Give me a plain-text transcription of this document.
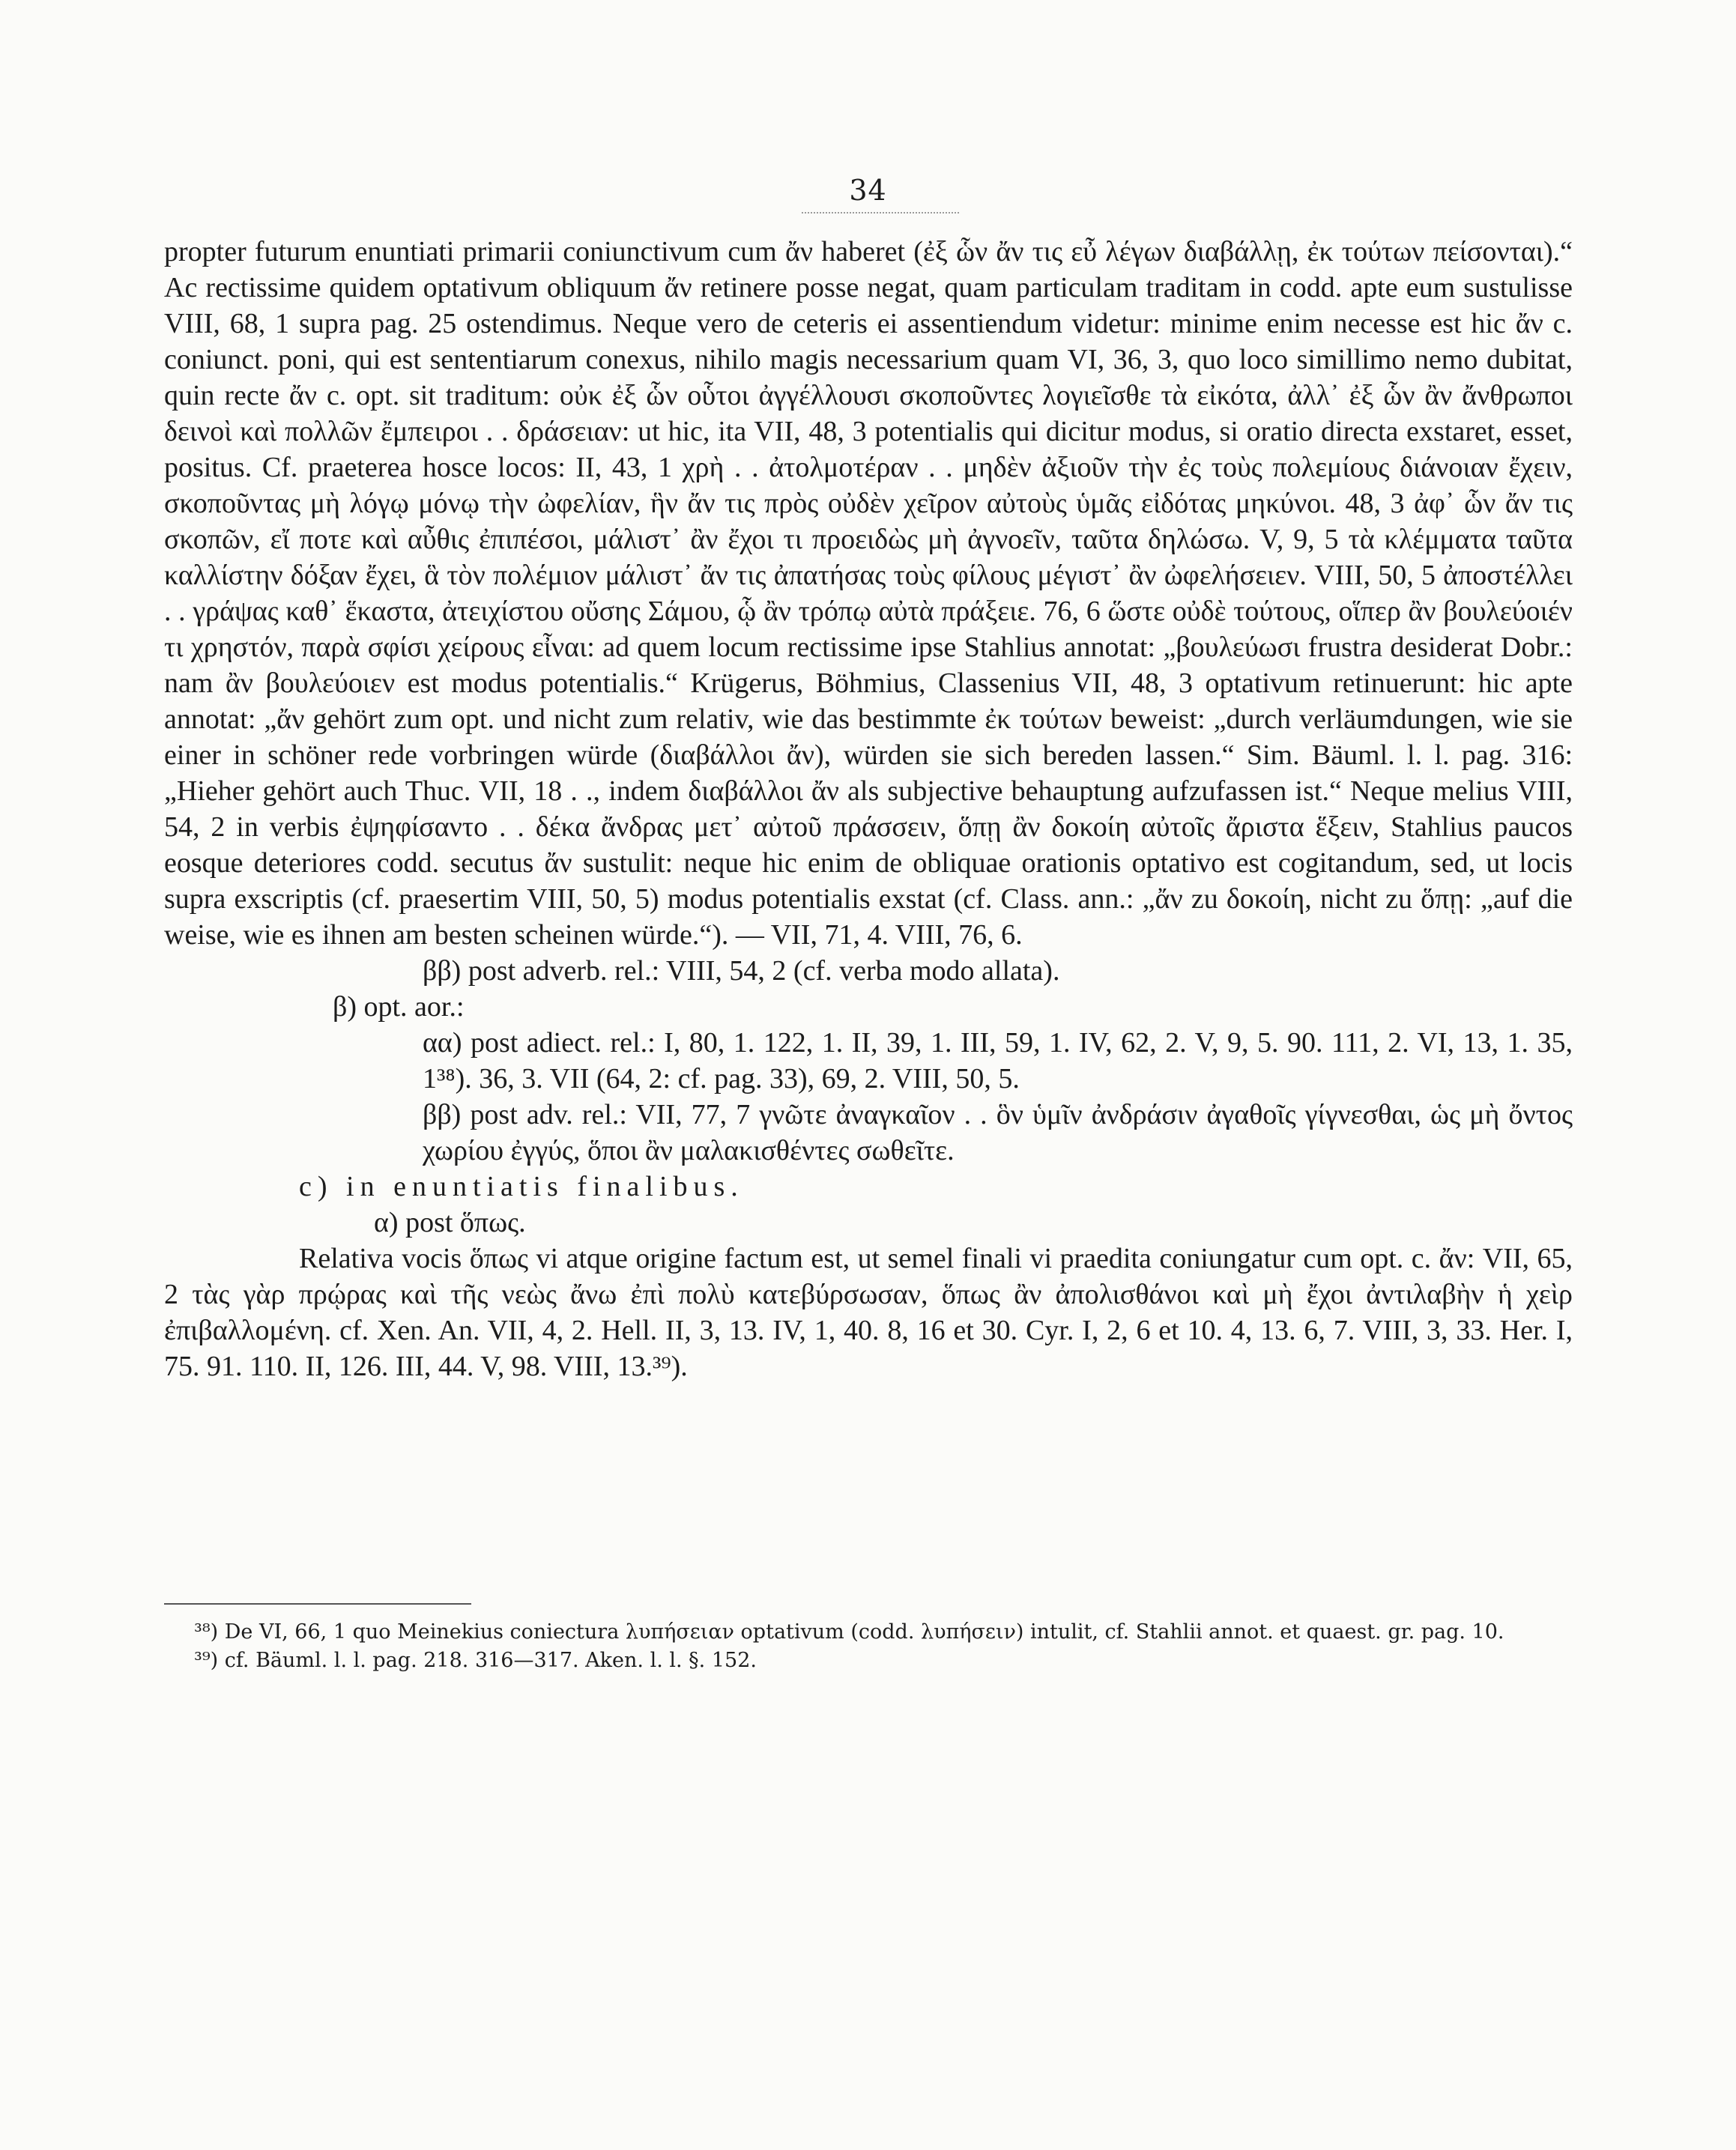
34

propter futurum enuntiati primarii coniunctivum cum ἄν haberet (ἐξ ὧν ἄν τις εὖ λέγων διαβάλλῃ, ἐκ τούτων πείσονται).“ Ac rectissime quidem optativum obliquum ἄν retinere posse negat, quam particulam traditam in codd. apte eum sustulisse VIII, 68, 1 supra pag. 25 ostendimus. Neque vero de ceteris ei assentiendum videtur: minime enim necesse est hic ἄν c. coniunct. poni, qui est sententiarum conexus, nihilo magis necessarium quam VI, 36, 3, quo loco simillimo nemo dubitat, quin recte ἄν c. opt. sit traditum: οὐκ ἐξ ὧν οὗτοι ἀγγέλλουσι σκοποῦντες λογιεῖσθε τὰ εἰκότα, ἀλλ᾽ ἐξ ὧν ἂν ἄνθρωποι δεινοὶ καὶ πολλῶν ἔμπειροι . . δράσειαν: ut hic, ita VII, 48, 3 potentialis qui dicitur modus, si oratio directa exstaret, esset, positus. Cf. praeterea hosce locos: II, 43, 1 χρὴ . . ἀτολμοτέραν . . μηδὲν ἀξιοῦν τὴν ἐς τοὺς πολεμίους διάνοιαν ἔχειν, σκοποῦντας μὴ λόγῳ μόνῳ τὴν ὠφελίαν, ἣν ἄν τις πρὸς οὐδὲν χεῖρον αὐτοὺς ὑμᾶς εἰδότας μηκύνοι. 48, 3 ἀφ᾽ ὧν ἄν τις σκοπῶν, εἴ ποτε καὶ αὖθις ἐπιπέσοι, μάλιστ᾽ ἂν ἔχοι τι προειδὼς μὴ ἀγνοεῖν, ταῦτα δηλώσω. V, 9, 5 τὰ κλέμματα ταῦτα καλλίστην δόξαν ἔχει, ἃ τὸν πολέμιον μάλιστ᾽ ἄν τις ἀπατήσας τοὺς φίλους μέγιστ᾽ ἂν ὠφελήσειεν. VIII, 50, 5 ἀποστέλλει . . γράψας καθ᾽ ἕκαστα, ἀτειχίστου οὔσης Σάμου, ᾧ ἂν τρόπῳ αὐτὰ πράξειε. 76, 6 ὥστε οὐδὲ τούτους, οἵπερ ἂν βουλεύοιέν τι χρηστόν, παρὰ σφίσι χείρους εἶναι: ad quem locum rectissime ipse Stahlius annotat: „βουλεύωσι frustra desiderat Dobr.: nam ἂν βουλεύοιεν est modus potentialis.“ Krügerus, Böhmius, Classenius VII, 48, 3 optativum retinuerunt: hic apte annotat: „ἄν gehört zum opt. und nicht zum relativ, wie das bestimmte ἐκ τούτων beweist: „durch verläumdungen, wie sie einer in schöner rede vorbringen würde (διαβάλλοι ἄν), würden sie sich bereden lassen.“ Sim. Bäuml. l. l. pag. 316: „Hieher gehört auch Thuc. VII, 18 . ., indem διαβάλλοι ἄν als subjective behauptung aufzufassen ist.“ Neque melius VIII, 54, 2 in verbis ἐψηφίσαντο . . δέκα ἄνδρας μετ᾽ αὐτοῦ πράσσειν, ὅπῃ ἂν δοκοίη αὐτοῖς ἄριστα ἕξειν, Stahlius paucos eosque deteriores codd. secutus ἄν sustulit: neque hic enim de obliquae orationis optativo est cogitandum, sed, ut locis supra exscriptis (cf. praesertim VIII, 50, 5) modus potentialis exstat (cf. Class. ann.: „ἄν zu δοκοίη, nicht zu ὅπῃ: „auf die weise, wie es ihnen am besten scheinen würde.“). — VII, 71, 4. VIII, 76, 6.

ββ) post adverb. rel.: VIII, 54, 2 (cf. verba modo allata).

β) opt. aor.:

αα) post adiect. rel.: I, 80, 1. 122, 1. II, 39, 1. III, 59, 1. IV, 62, 2. V, 9, 5. 90. 111, 2. VI, 13, 1. 35, 1³⁸). 36, 3. VII (64, 2: cf. pag. 33), 69, 2. VIII, 50, 5.

ββ) post adv. rel.: VII, 77, 7 γνῶτε ἀναγκαῖον . . ὃν ὑμῖν ἀνδράσιν ἀγαθοῖς γίγνεσθαι, ὡς μὴ ὄντος χωρίου ἐγγύς, ὅποι ἂν μαλακισθέντες σωθεῖτε.

c) in enuntiatis finalibus.

α) post ὅπως.

Relativa vocis ὅπως vi atque origine factum est, ut semel finali vi praedita coniungatur cum opt. c. ἄν: VII, 65, 2 τὰς γὰρ πρῴρας καὶ τῆς νεὼς ἄνω ἐπὶ πολὺ κατεβύρσωσαν, ὅπως ἂν ἀπολισθάνοι καὶ μὴ ἔχοι ἀντιλαβὴν ἡ χεὶρ ἐπιβαλλομένη. cf. Xen. An. VII, 4, 2. Hell. II, 3, 13. IV, 1, 40. 8, 16 et 30. Cyr. I, 2, 6 et 10. 4, 13. 6, 7. VIII, 3, 33. Her. I, 75. 91. 110. II, 126. III, 44. V, 98. VIII, 13.³⁹).

³⁸) De VI, 66, 1 quo Meinekius coniectura λυπήσειαν optativum (codd. λυπήσειν) intulit, cf. Stahlii annot. et quaest. gr. pag. 10.

³⁹) cf. Bäuml. l. l. pag. 218. 316—317. Aken. l. l. §. 152.
